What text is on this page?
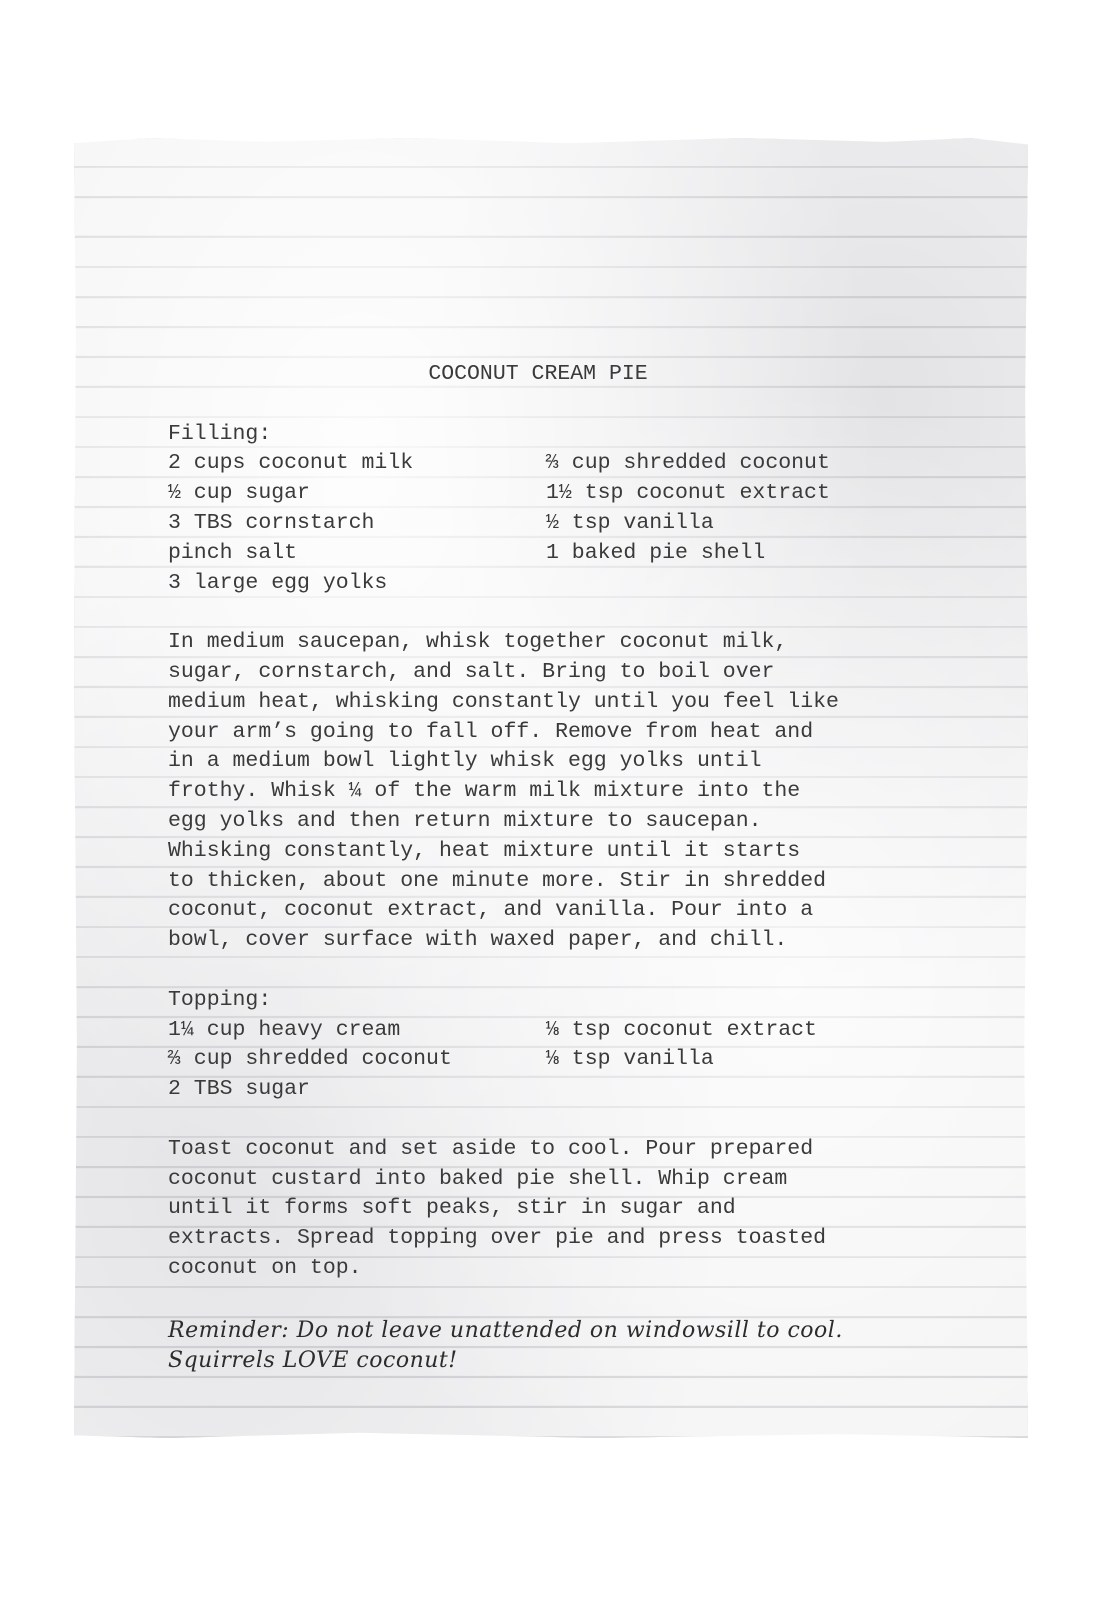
COCONUT CREAM PIE
Filling:
2 cups coconut milk
½ cup sugar
3 TBS cornstarch
pinch salt
3 large egg yolks
⅔ cup shredded coconut
1½ tsp coconut extract
½ tsp vanilla
1 baked pie shell
In medium saucepan, whisk together coconut milk,
sugar, cornstarch, and salt. Bring to boil over
medium heat, whisking constantly until you feel like
your arm’s going to fall off. Remove from heat and
in a medium bowl lightly whisk egg yolks until
frothy. Whisk ¼ of the warm milk mixture into the
egg yolks and then return mixture to saucepan.
Whisking constantly, heat mixture until it starts
to thicken, about one minute more. Stir in shredded
coconut, coconut extract, and vanilla. Pour into a
bowl, cover surface with waxed paper, and chill.
Topping:
1¼ cup heavy cream
⅔ cup shredded coconut
2 TBS sugar
⅛ tsp coconut extract
⅛ tsp vanilla
Toast coconut and set aside to cool. Pour prepared
coconut custard into baked pie shell. Whip cream
until it forms soft peaks, stir in sugar and
extracts. Spread topping over pie and press toasted
coconut on top.
Reminder: Do not leave unattended on windowsill to cool.
Squirrels LOVE coconut!
